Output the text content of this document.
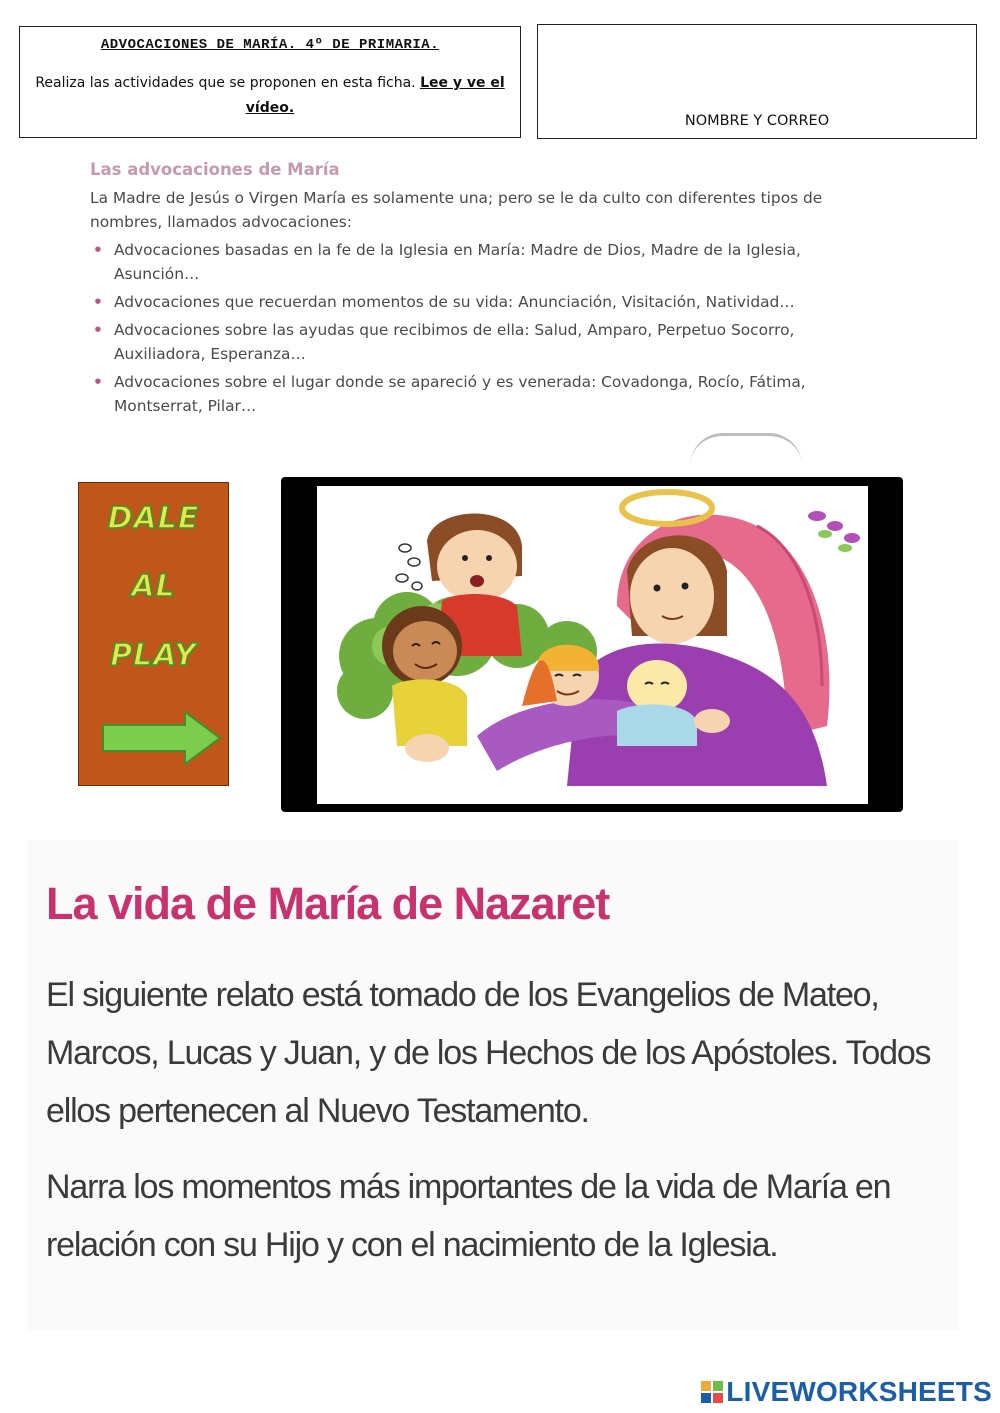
ADVOCACIONES DE MARÍA. 4º DE PRIMARIA.
Realiza las actividades que se proponen en esta ficha. Lee y ve el vídeo.
NOMBRE Y CORREO
Las advocaciones de María
La Madre de Jesús o Virgen María es solamente una; pero se le da culto con diferentes tipos de nombres, llamados advocaciones:
• Advocaciones basadas en la fe de la Iglesia en María: Madre de Dios, Madre de la Iglesia, Asunción…
• Advocaciones que recuerdan momentos de su vida: Anunciación, Visitación, Natividad…
• Advocaciones sobre las ayudas que recibimos de ella: Salud, Amparo, Perpetuo Socorro, Auxiliadora, Esperanza…
• Advocaciones sobre el lugar donde se apareció y es venerada: Covadonga, Rocío, Fátima, Montserrat, Pilar…
DALE
AL
PLAY
La vida de María de Nazaret
El siguiente relato está tomado de los Evangelios de Mateo, Marcos, Lucas y Juan, y de los Hechos de los Apóstoles. Todos ellos pertenecen al Nuevo Testamento.
Narra los momentos más importantes de la vida de María en relación con su Hijo y con el nacimiento de la Iglesia.
LIVEWORKSHEETS
